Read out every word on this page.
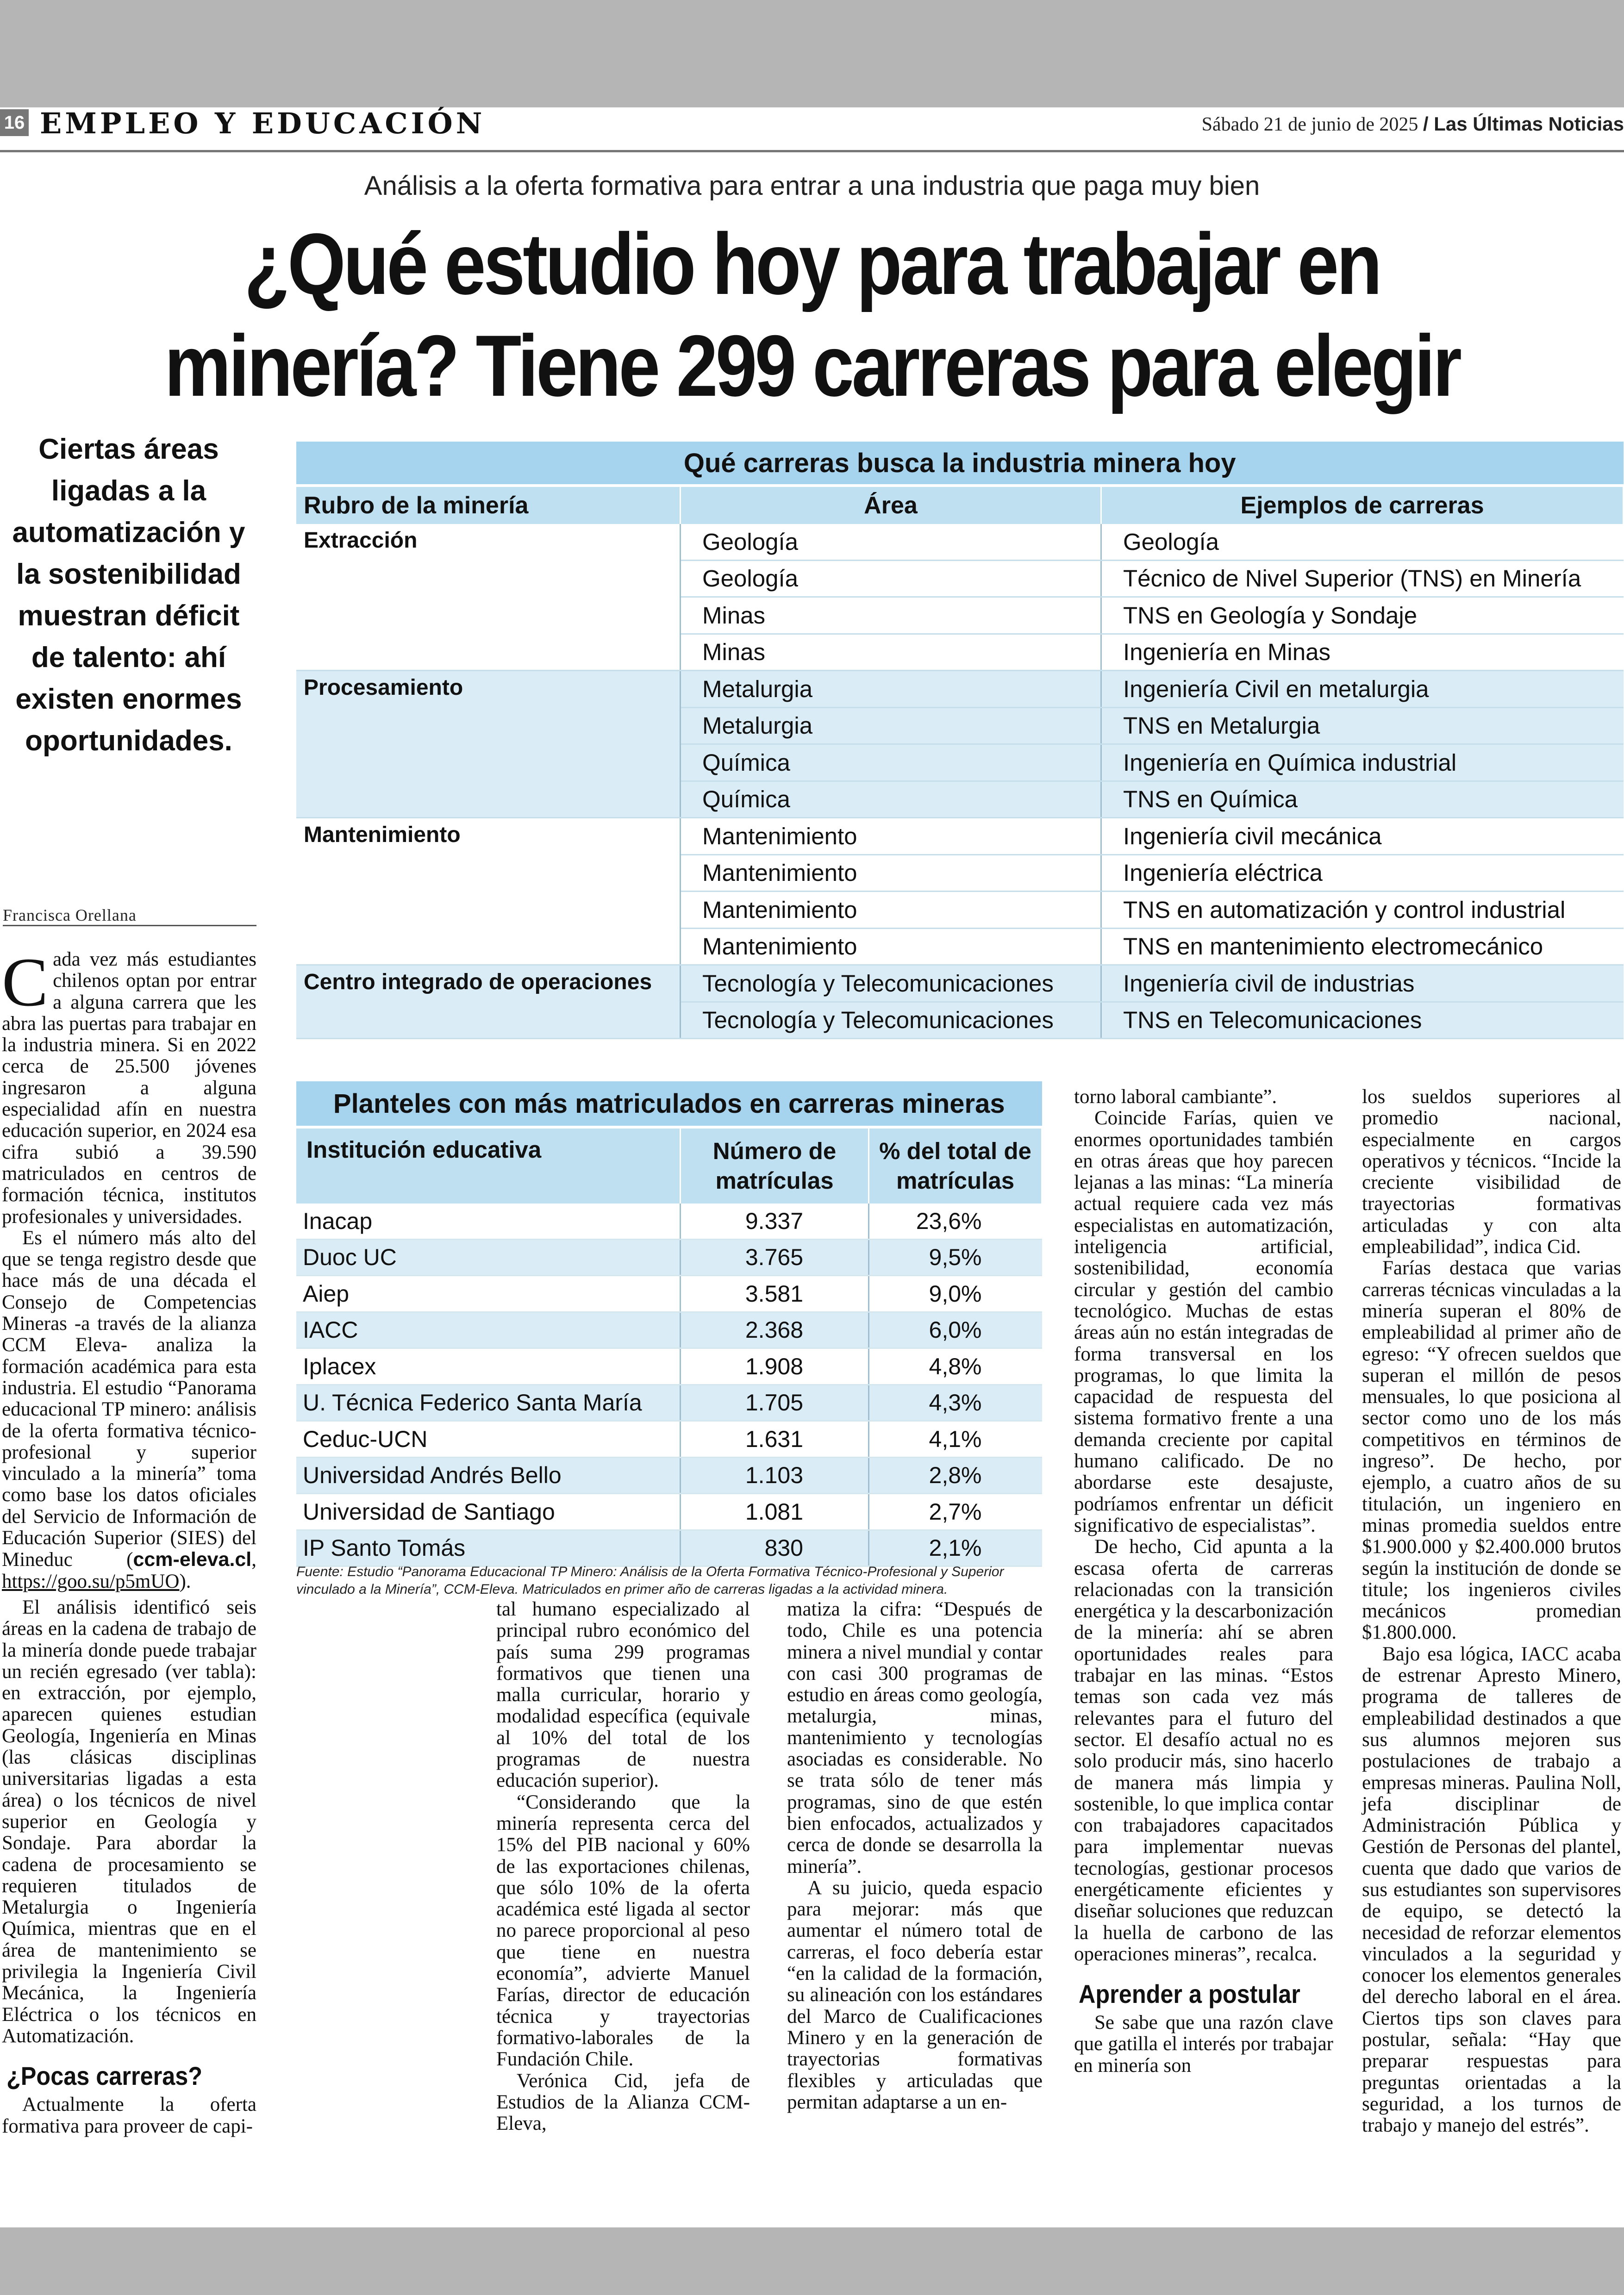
16 EMPLEO Y EDUCACIÓN	Sábado 21 de junio de 2025 / Las Últimas Noticias
Análisis a la oferta formativa para entrar a una industria que paga muy bien
¿Qué estudio hoy para trabajar en
minería? Tiene 299 carreras para elegir
Ciertas áreas ligadas a la automatización y la sostenibilidad muestran déficit de talento: ahí existen enormes oportunidades.
Qué carreras busca la industria minera hoy		
Rubro de la minería	Área	Ejemplos de carreras
Extracción	Geología	Geología
	Geología	Técnico de Nivel Superior (TNS) en Minería
	Minas	TNS en Geología y Sondaje
	Minas	Ingeniería en Minas
Procesamiento	Metalurgia	Ingeniería Civil en metalurgia
	Metalurgia	TNS en Metalurgia
	Química	Ingeniería en Química industrial
	Química	TNS en Química
Mantenimiento	Mantenimiento	Ingeniería civil mecánica
	Mantenimiento	Ingeniería eléctrica
	Mantenimiento	TNS en automatización y control industrial
	Mantenimiento	TNS en mantenimiento electromecánico
Centro integrado de operaciones	Tecnología y Telecomunicaciones	Ingeniería civil de industrias
	Tecnología y Telecomunicaciones	TNS en Telecomunicaciones
Planteles con más matriculados en carreras mineras		
Institución educativa	Número de matrículas	% del total de matrículas
Inacap	9.337	23,6%
Duoc UC	3.765	9,5%
Aiep	3.581	9,0%
IACC	2.368	6,0%
Iplacex	1.908	4,8%
U. Técnica Federico Santa María	1.705	4,3%
Ceduc-UCN	1.631	4,1%
Universidad Andrés Bello	1.103	2,8%
Universidad de Santiago	1.081	2,7%
IP Santo Tomás	830	2,1%
Fuente: Estudio “Panorama Educacional TP Minero: Análisis de la Oferta Formativa Técnico-Profesional y Superior vinculado a la Minería”, CCM-Eleva. Matriculados en primer año de carreras ligadas a la actividad minera.
Francisca Orellana

Cada vez más estudiantes chilenos optan por entrar a alguna carrera que les abra las puertas para trabajar en la industria minera. Si en 2022 cerca de 25.500 jóvenes ingresaron a alguna especialidad afín en nuestra educación superior, en 2024 esa cifra subió a 39.590 matriculados en centros de formación técnica, institutos profesionales y universidades.

Es el número más alto del que se tenga registro desde que hace más de una década el Consejo de Competencias Mineras -a través de la alianza CCM Eleva- analiza la formación académica para esta industria. El estudio “Panorama educacional TP minero: análisis de la oferta formativa técnico-profesional y superior vinculado a la minería” toma como base los datos oficiales del Servicio de Información de Educación Superior (SIES) del Mineduc (ccm-eleva.cl, https://goo.su/p5mUO).

El análisis identificó seis áreas en la cadena de trabajo de la minería donde puede trabajar un recién egresado (ver tabla): en extracción, por ejemplo, aparecen quienes estudian Geología, Ingeniería en Minas (las clásicas disciplinas universitarias ligadas a esta área) o los técnicos de nivel superior en Geología y Sondaje. Para abordar la cadena de procesamiento se requieren titulados de Metalurgia o Ingeniería Química, mientras que en el área de mantenimiento se privilegia la Ingeniería Civil Mecánica, la Ingeniería Eléctrica o los técnicos en Automatización.

¿Pocas carreras?

Actualmente la oferta formativa para proveer de capi-

tal humano especializado al principal rubro económico del país suma 299 programas formativos que tienen una malla curricular, horario y modalidad específica (equivale al 10% del total de los programas de nuestra educación superior).

“Considerando que la minería representa cerca del 15% del PIB nacional y 60% de las exportaciones chilenas, que sólo 10% de la oferta académica esté ligada al sector no parece proporcional al peso que tiene en nuestra economía”, advierte Manuel Farías, director de educación técnica y trayectorias formativo-laborales de la Fundación Chile.

Verónica Cid, jefa de Estudios de la Alianza CCM-Eleva,

matiza la cifra: “Después de todo, Chile es una potencia minera a nivel mundial y contar con casi 300 programas de estudio en áreas como geología, metalurgia, minas, mantenimiento y tecnologías asociadas es considerable. No se trata sólo de tener más programas, sino de que estén bien enfocados, actualizados y cerca de donde se desarrolla la minería”.

A su juicio, queda espacio para mejorar: más que aumentar el número total de carreras, el foco debería estar “en la calidad de la formación, su alineación con los estándares del Marco de Cualificaciones Minero y en la generación de trayectorias formativas flexibles y articuladas que permitan adaptarse a un en-

torno laboral cambiante”.

Coincide Farías, quien ve enormes oportunidades también en otras áreas que hoy parecen lejanas a las minas: “La minería actual requiere cada vez más especialistas en automatización, inteligencia artificial, sostenibilidad, economía circular y gestión del cambio tecnológico. Muchas de estas áreas aún no están integradas de forma transversal en los programas, lo que limita la capacidad de respuesta del sistema formativo frente a una demanda creciente por capital humano calificado. De no abordarse este desajuste, podríamos enfrentar un déficit significativo de especialistas”.

De hecho, Cid apunta a la escasa oferta de carreras relacionadas con la transición energética y la descarbonización de la minería: ahí se abren oportunidades reales para trabajar en las minas. “Estos temas son cada vez más relevantes para el futuro del sector. El desafío actual no es solo producir más, sino hacerlo de manera más limpia y sostenible, lo que implica contar con trabajadores capacitados para implementar nuevas tecnologías, gestionar procesos energéticamente eficientes y diseñar soluciones que reduzcan la huella de carbono de las operaciones mineras”, recalca.

Aprender a postular

Se sabe que una razón clave que gatilla el interés por trabajar en minería son

los sueldos superiores al promedio nacional, especialmente en cargos operativos y técnicos. “Incide la creciente visibilidad de trayectorias formativas articuladas y con alta empleabilidad”, indica Cid.

Farías destaca que varias carreras técnicas vinculadas a la minería superan el 80% de empleabilidad al primer año de egreso: “Y ofrecen sueldos que superan el millón de pesos mensuales, lo que posiciona al sector como uno de los más competitivos en términos de ingreso”. De hecho, por ejemplo, a cuatro años de su titulación, un ingeniero en minas promedia sueldos entre $1.900.000 y $2.400.000 brutos según la institución de donde se titule; los ingenieros civiles mecánicos promedian $1.800.000.

Bajo esa lógica, IACC acaba de estrenar Apresto Minero, programa de talleres de empleabilidad destinados a que sus alumnos mejoren sus postulaciones de trabajo a empresas mineras. Paulina Noll, jefa disciplinar de Administración Pública y Gestión de Personas del plantel, cuenta que dado que varios de sus estudiantes son supervisores de equipo, se detectó la necesidad de reforzar elementos vinculados a la seguridad y conocer los elementos generales del derecho laboral en el área. Ciertos tips son claves para postular, señala: “Hay que preparar respuestas para preguntas orientadas a la seguridad, a los turnos de trabajo y manejo del estrés”.
